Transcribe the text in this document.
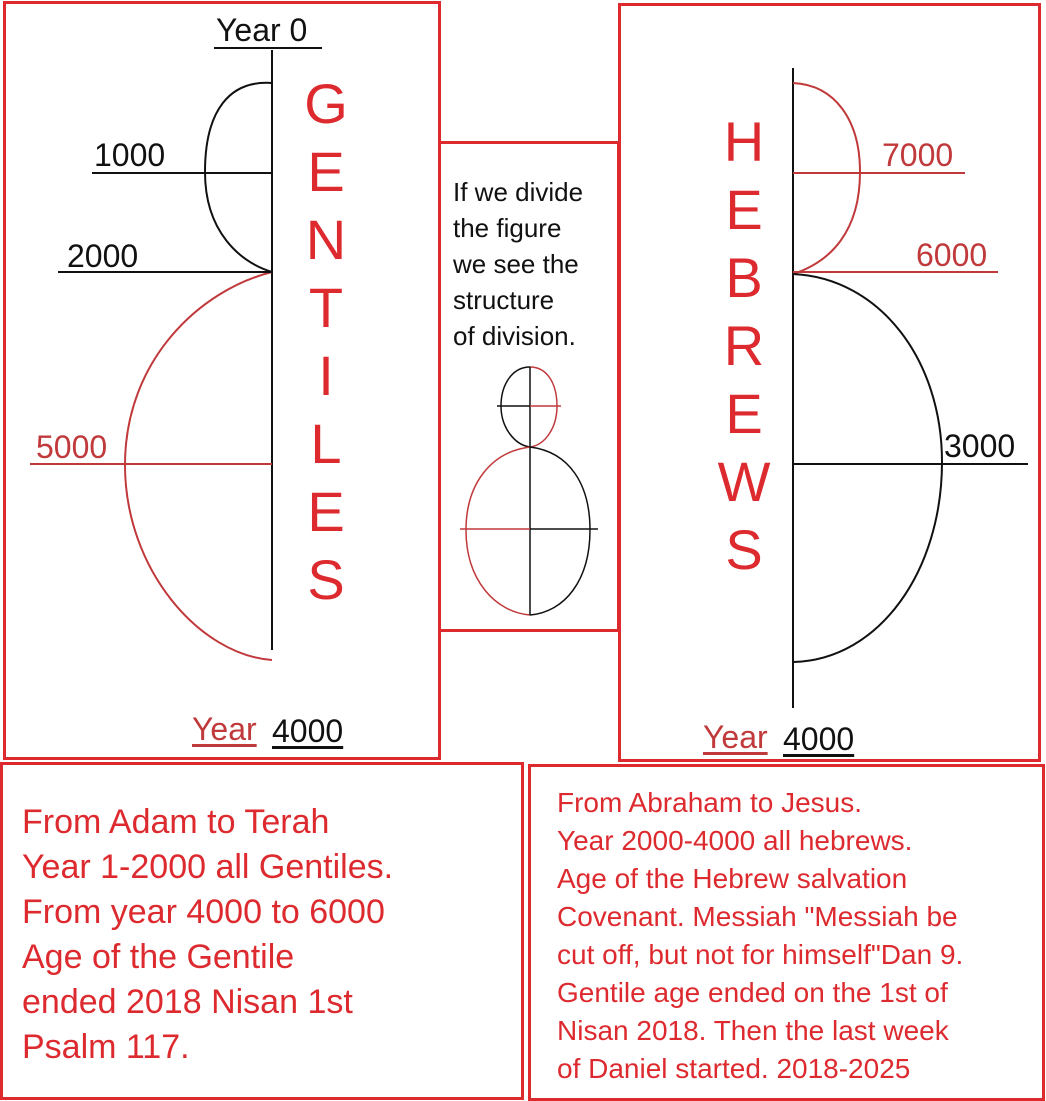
Year 0
1000
2000
5000
Year 4000
G
E
N
T
I
L
E
S
7000
6000
3000
Year 4000
H
E
B
R
E
W
S
If we divide
the figure
we see the
structure
of division.
From Adam to Terah
Year 1-2000 all Gentiles.
From year 4000 to 6000
Age of the Gentile
ended 2018 Nisan 1st
Psalm 117.
From Abraham to Jesus.
Year 2000-4000 all hebrews.
Age of the Hebrew salvation
Covenant. Messiah "Messiah be
cut off, but not for himself"Dan 9.
Gentile age ended on the 1st of
Nisan 2018. Then the last week
of Daniel started. 2018-2025
